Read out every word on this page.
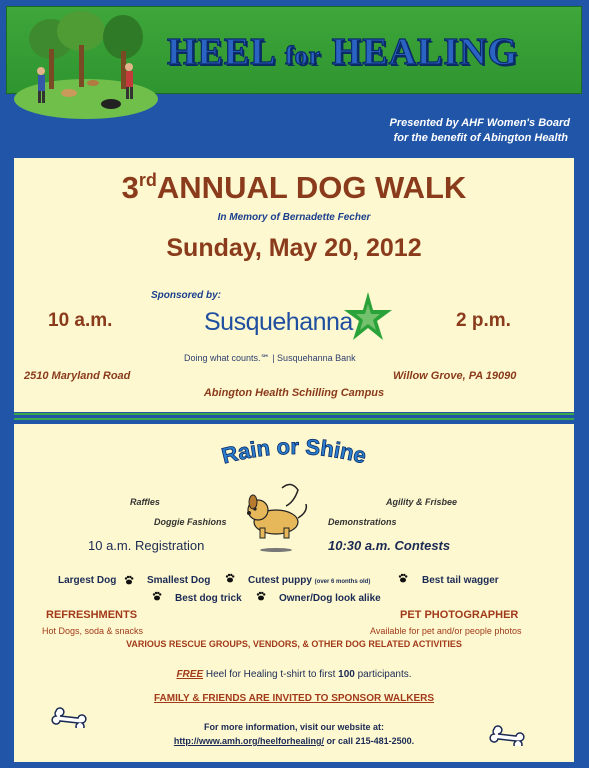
HEEL for HEALING
Presented by AHF Women's Board
for the benefit of Abington Health
3rdANNUAL DOG WALK
In Memory of Bernadette Fecher
Sunday, May 20, 2012
Sponsored by:
10 a.m.	Susquehanna	2 p.m.
Doing what counts.℠ | Susquehanna Bank
2510 Maryland Road	Willow Grove, PA 19090
Abington Health Schilling Campus
Rain or Shine
Raffles
Doggie Fashions
Agility & Frisbee
Demonstrations
10 a.m. Registration	10:30 a.m. Contests
Largest Dog	Smallest Dog	Cutest puppy (over 6 months old)	Best tail wagger
Best dog trick	Owner/Dog look alike
REFRESHMENTS
Hot Dogs, soda & snacks
PET PHOTOGRAPHER
Available for pet and/or people photos
VARIOUS RESCUE GROUPS, VENDORS, & OTHER DOG RELATED ACTIVITIES
FREE Heel for Healing t-shirt to first 100 participants.
FAMILY & FRIENDS ARE INVITED TO SPONSOR WALKERS
For more information, visit our website at:
http://www.amh.org/heelforhealing/ or call 215-481-2500.
